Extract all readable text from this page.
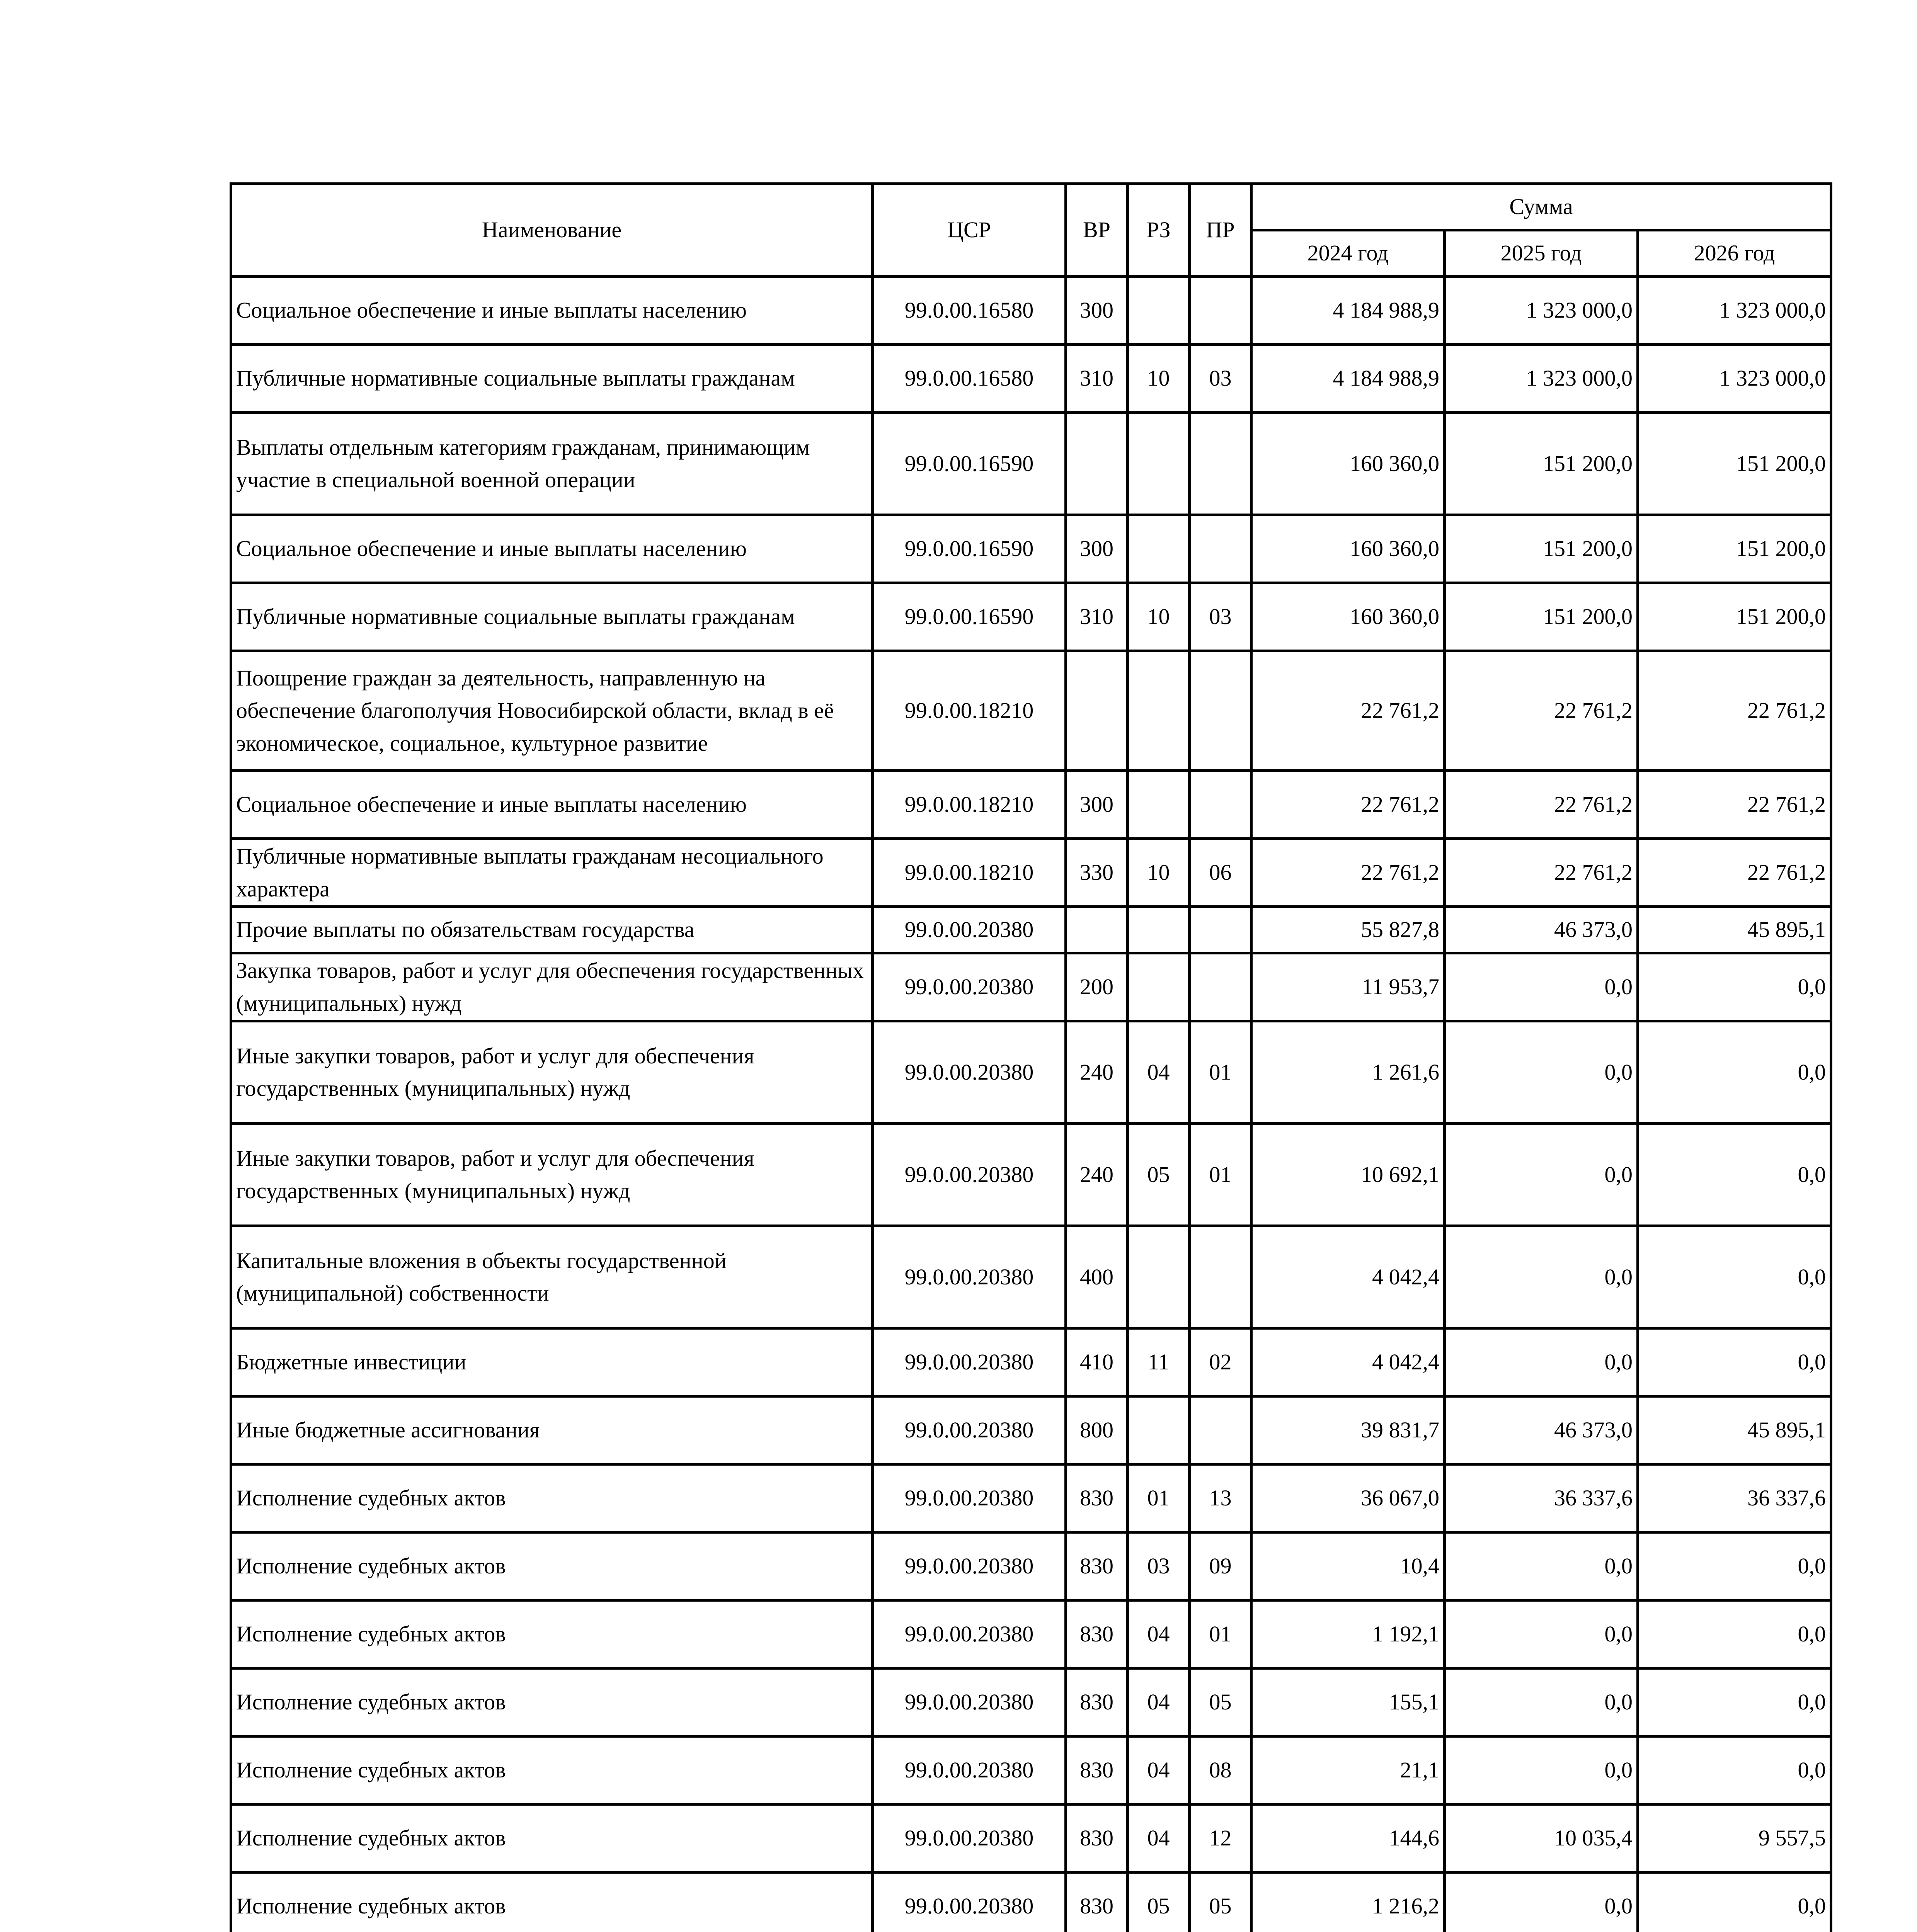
Наименование	ЦСР	ВР	РЗ	ПР	Сумма		
					2024 год	2025 год	2026 год
Социальное обеспечение и иные выплаты населению	99.0.00.16580	300			4 184 988,9	1 323 000,0	1 323 000,0
Публичные нормативные социальные выплаты гражданам	99.0.00.16580	310	10	03	4 184 988,9	1 323 000,0	1 323 000,0
Выплаты отдельным категориям гражданам, принимающим участие в специальной военной операции	99.0.00.16590				160 360,0	151 200,0	151 200,0
Социальное обеспечение и иные выплаты населению	99.0.00.16590	300			160 360,0	151 200,0	151 200,0
Публичные нормативные социальные выплаты гражданам	99.0.00.16590	310	10	03	160 360,0	151 200,0	151 200,0
Поощрение граждан за деятельность, направленную на обеспечение благополучия Новосибирской области, вклад в её экономическое, социальное, культурное развитие	99.0.00.18210				22 761,2	22 761,2	22 761,2
Социальное обеспечение и иные выплаты населению	99.0.00.18210	300			22 761,2	22 761,2	22 761,2
Публичные нормативные выплаты гражданам несоциального характера	99.0.00.18210	330	10	06	22 761,2	22 761,2	22 761,2
Прочие выплаты по обязательствам государства	99.0.00.20380				55 827,8	46 373,0	45 895,1
Закупка товаров, работ и услуг для обеспечения государственных (муниципальных) нужд	99.0.00.20380	200			11 953,7	0,0	0,0
Иные закупки товаров, работ и услуг для обеспечения государственных (муниципальных) нужд	99.0.00.20380	240	04	01	1 261,6	0,0	0,0
Иные закупки товаров, работ и услуг для обеспечения государственных (муниципальных) нужд	99.0.00.20380	240	05	01	10 692,1	0,0	0,0
Капитальные вложения в объекты государственной (муниципальной) собственности	99.0.00.20380	400			4 042,4	0,0	0,0
Бюджетные инвестиции	99.0.00.20380	410	11	02	4 042,4	0,0	0,0
Иные бюджетные ассигнования	99.0.00.20380	800			39 831,7	46 373,0	45 895,1
Исполнение судебных актов	99.0.00.20380	830	01	13	36 067,0	36 337,6	36 337,6
Исполнение судебных актов	99.0.00.20380	830	03	09	10,4	0,0	0,0
Исполнение судебных актов	99.0.00.20380	830	04	01	1 192,1	0,0	0,0
Исполнение судебных актов	99.0.00.20380	830	04	05	155,1	0,0	0,0
Исполнение судебных актов	99.0.00.20380	830	04	08	21,1	0,0	0,0
Исполнение судебных актов	99.0.00.20380	830	04	12	144,6	10 035,4	9 557,5
Исполнение судебных актов	99.0.00.20380	830	05	05	1 216,2	0,0	0,0
